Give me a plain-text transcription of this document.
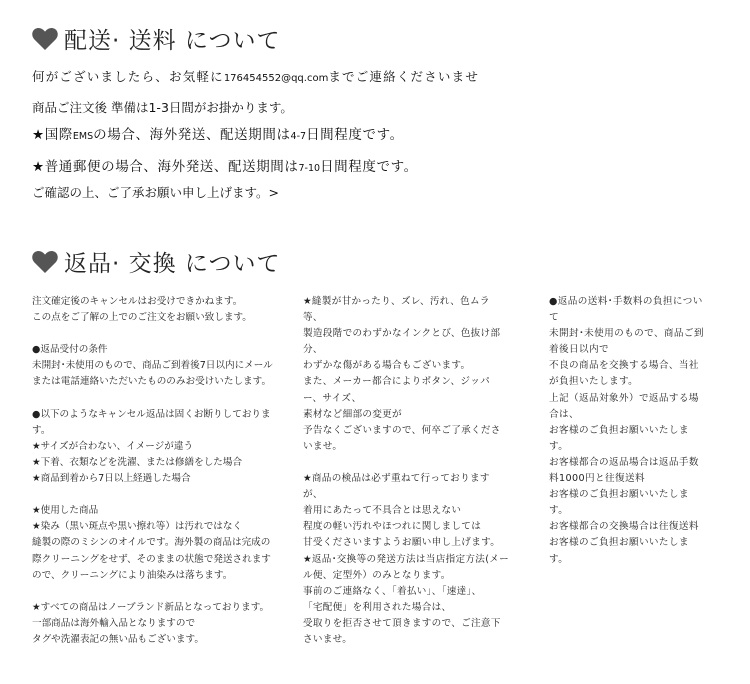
配送· 送料 について
何がございましたら、お気軽に176454552@qq.comまでご連絡くださいませ
商品ご注文後 準備は1-3日間がお掛かります。
★国際EMSの場合、海外発送、配送期間は4-7日間程度です。
★普通郵便の場合、海外発送、配送期間は7-10日間程度です。
ご確認の上、ご了承お願い申し上げます。>
返品· 交換 について
注文確定後のキャンセルはお受けできかねます。
この点をご了解の上でのご注文をお願い致します。
●返品受付の条件
未開封･未使用のもので、商品ご到着後7日以内にメール
または電話連絡いただいたもののみお受けいたします。
●以下のようなキャンセル返品は固くお断りしておりま
す。
★サイズが合わない、イメージが違う
★下着、衣類などを洗濯、または修繕をした場合
★商品到着から7日以上経過した場合
★使用した商品
★染み（黒い斑点や黒い擦れ等）は汚れではなく
縫製の際のミシンのオイルです。海外製の商品は完成の
際クリーニングをせず、そのままの状態で発送されます
ので、クリーニングにより油染みは落ちます。
★すべての商品はノーブランド新品となっております。
一部商品は海外輸入品となりますので
タグや洗濯表記の無い品もございます。
★縫製が甘かったり、ズレ、汚れ、色ムラ
等、
製造段階でのわずかなインクとび、色抜け部
分、
わずかな傷がある場合もございます。
また、メーカー都合によりボタン、ジッパ
ー、サイズ、
素材など細部の変更が
予告なくございますので、何卒ご了承くださ
いませ。
★商品の検品は必ず重ねて行っております
が、
着用にあたって不具合とは思えない
程度の軽い汚れやほつれに関しましては
甘受くださいますようお願い申し上げます。
★返品･交換等の発送方法は当店指定方法(メー
ル便、定型外）のみとなります。
事前のご連絡なく、「着払い」、「速達」、
「宅配便」を利用された場合は、
受取りを拒否させて頂きますので、ご注意下
さいませ。
●返品の送料･手数料の負担につい
て
未開封･未使用のもので、商品ご到
着後日以内で
不良の商品を交換する場合、当社
が負担いたします。
上記（返品対象外）で返品する場
合は、
お客様のご負担お願いいたしま
す。
お客様都合の返品場合は返品手数
料1000円と往復送料
お客様のご負担お願いいたしま
す。
お客様都合の交換場合は往復送料
お客様のご負担お願いいたしま
す。
